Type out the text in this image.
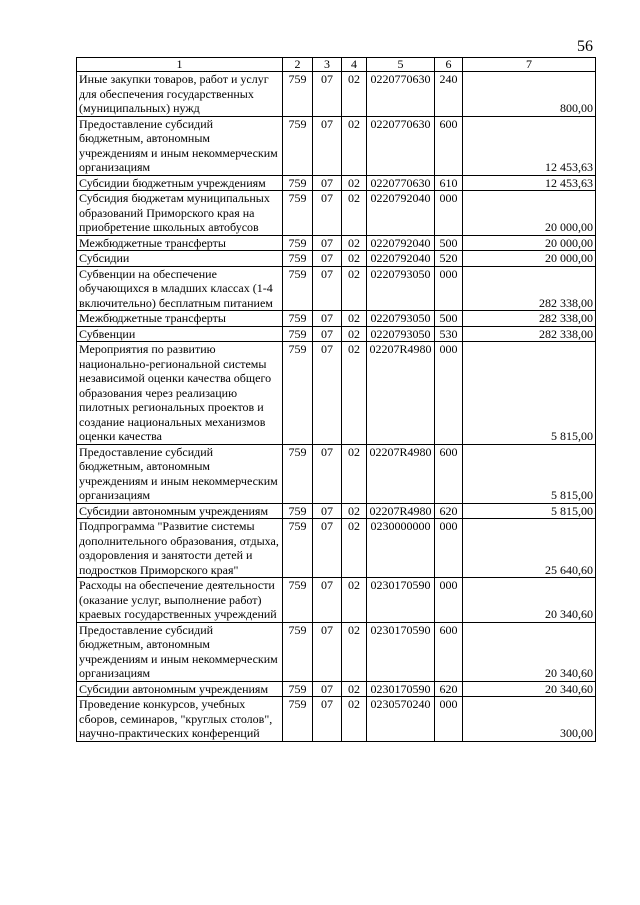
56
1	2	3	4	5	6	7
Иные закупки товаров, работ и услуг для обеспечения государственных (муниципальных) нужд	759	07	02	0220770630	240	800,00
Предоставление субсидий бюджетным, автономным учреждениям и иным некоммерческим организациям	759	07	02	0220770630	600	12 453,63
Субсидии бюджетным учреждениям	759	07	02	0220770630	610	12 453,63
Субсидия бюджетам муниципальных образований Приморского края на приобретение школьных автобусов	759	07	02	0220792040	000	20 000,00
Межбюджетные трансферты	759	07	02	0220792040	500	20 000,00
Субсидии	759	07	02	0220792040	520	20 000,00
Субвенции на обеспечение обучающихся в младших классах (1-4 включительно) бесплатным питанием	759	07	02	0220793050	000	282 338,00
Межбюджетные трансферты	759	07	02	0220793050	500	282 338,00
Субвенции	759	07	02	0220793050	530	282 338,00
Мероприятия по развитию национально-региональной системы независимой оценки качества общего образования через реализацию пилотных региональных проектов и создание национальных механизмов оценки качества	759	07	02	02207R4980	000	5 815,00
Предоставление субсидий бюджетным, автономным учреждениям и иным некоммерческим организациям	759	07	02	02207R4980	600	5 815,00
Субсидии автономным учреждениям	759	07	02	02207R4980	620	5 815,00
Подпрограмма "Развитие системы дополнительного образования, отдыха, оздоровления и занятости детей и подростков Приморского края"	759	07	02	0230000000	000	25 640,60
Расходы на обеспечение деятельности (оказание услуг, выполнение работ) краевых государственных учреждений	759	07	02	0230170590	000	20 340,60
Предоставление субсидий бюджетным, автономным учреждениям и иным некоммерческим организациям	759	07	02	0230170590	600	20 340,60
Субсидии автономным учреждениям	759	07	02	0230170590	620	20 340,60
Проведение конкурсов, учебных сборов, семинаров, "круглых столов", научно-практических конференций	759	07	02	0230570240	000	300,00
